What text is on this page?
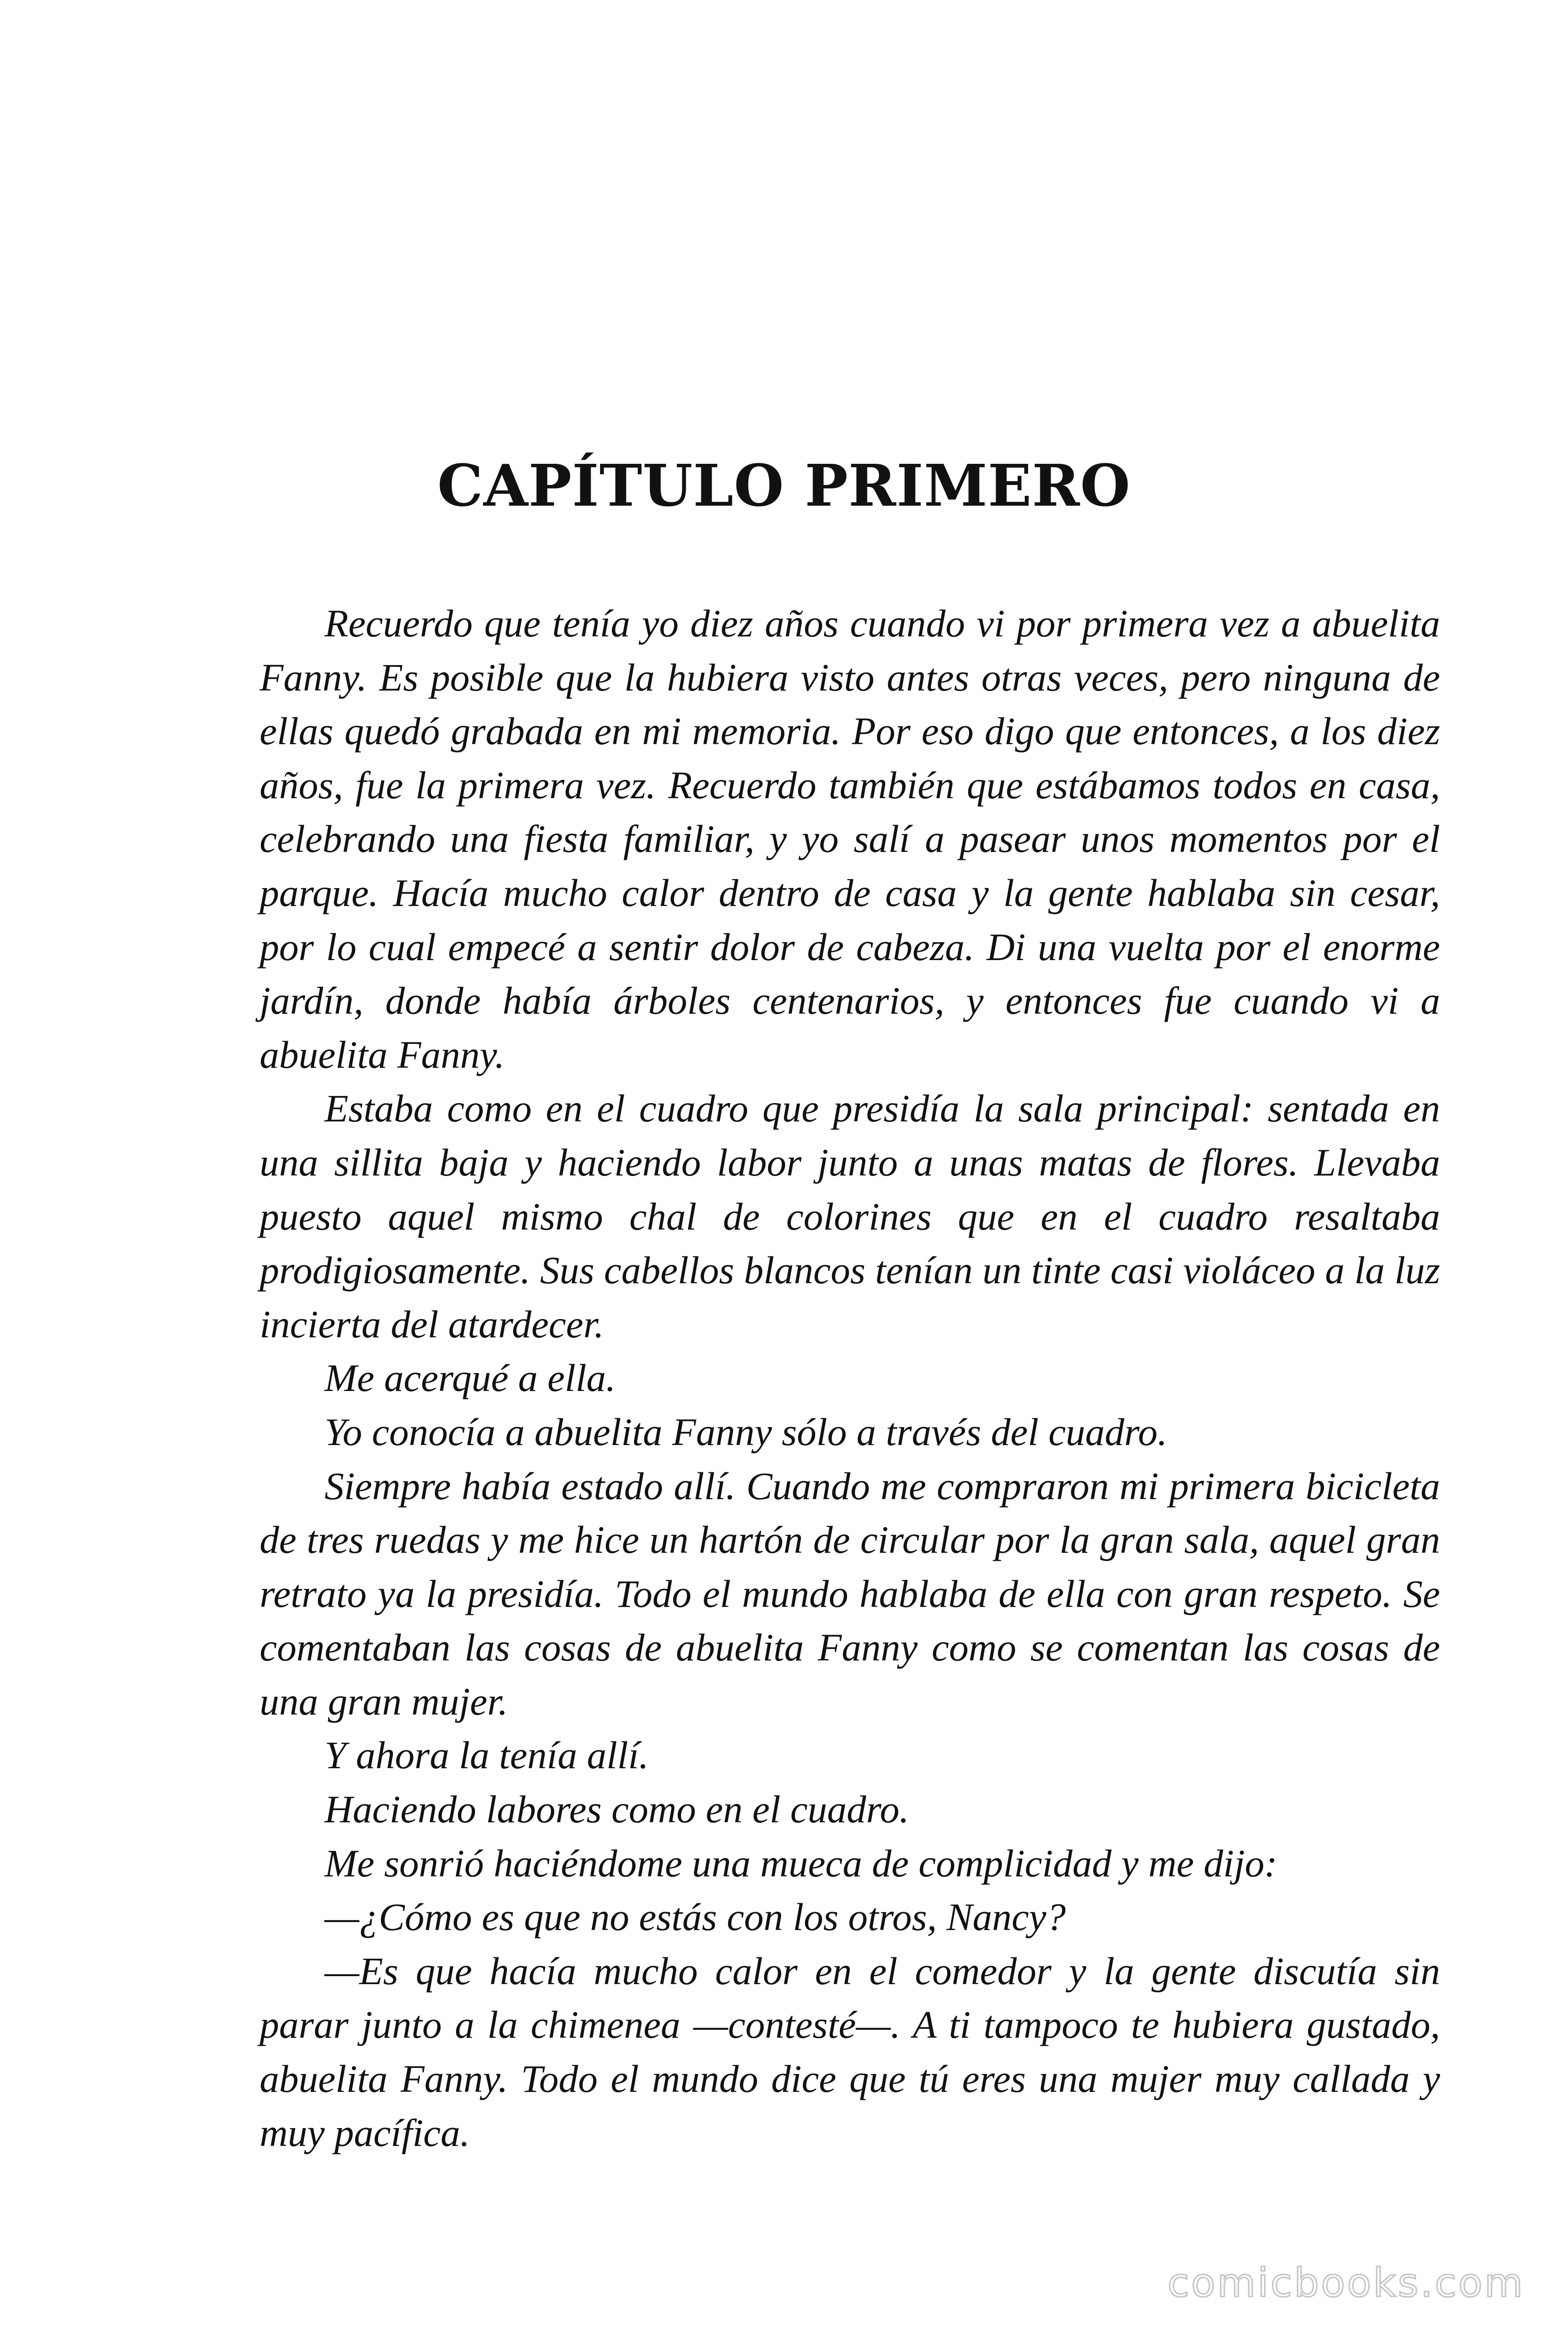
CAPÍTULO PRIMERO

Recuerdo que tenía yo diez años cuando vi por primera vez a abuelita Fanny. Es posible que la hubiera visto antes otras veces, pero ninguna de ellas quedó grabada en mi memoria. Por eso digo que entonces, a los diez años, fue la primera vez. Recuerdo también que estábamos todos en casa, celebrando una fiesta familiar, y yo salí a pasear unos momentos por el parque. Hacía mucho calor dentro de casa y la gente hablaba sin cesar, por lo cual empecé a sentir dolor de cabeza. Di una vuelta por el enorme jardín, donde había árboles centenarios, y entonces fue cuando vi a abuelita Fanny.

Estaba como en el cuadro que presidía la sala principal: sentada en una sillita baja y haciendo labor junto a unas matas de flores. Llevaba puesto aquel mismo chal de colorines que en el cuadro resaltaba prodigiosamente. Sus cabellos blancos tenían un tinte casi violáceo a la luz incierta del atardecer.

Me acerqué a ella.

Yo conocía a abuelita Fanny sólo a través del cuadro.

Siempre había estado allí. Cuando me compraron mi primera bicicleta de tres ruedas y me hice un hartón de circular por la gran sala, aquel gran retrato ya la presidía. Todo el mundo hablaba de ella con gran respeto. Se comentaban las cosas de abuelita Fanny como se comentan las cosas de una gran mujer.

Y ahora la tenía allí.

Haciendo labores como en el cuadro.

Me sonrió haciéndome una mueca de complicidad y me dijo:

—¿Cómo es que no estás con los otros, Nancy?

—Es que hacía mucho calor en el comedor y la gente discutía sin parar junto a la chimenea —contesté—. A ti tampoco te hubiera gustado, abuelita Fanny. Todo el mundo dice que tú eres una mujer muy callada y muy pacífica.

comicbooks.com
